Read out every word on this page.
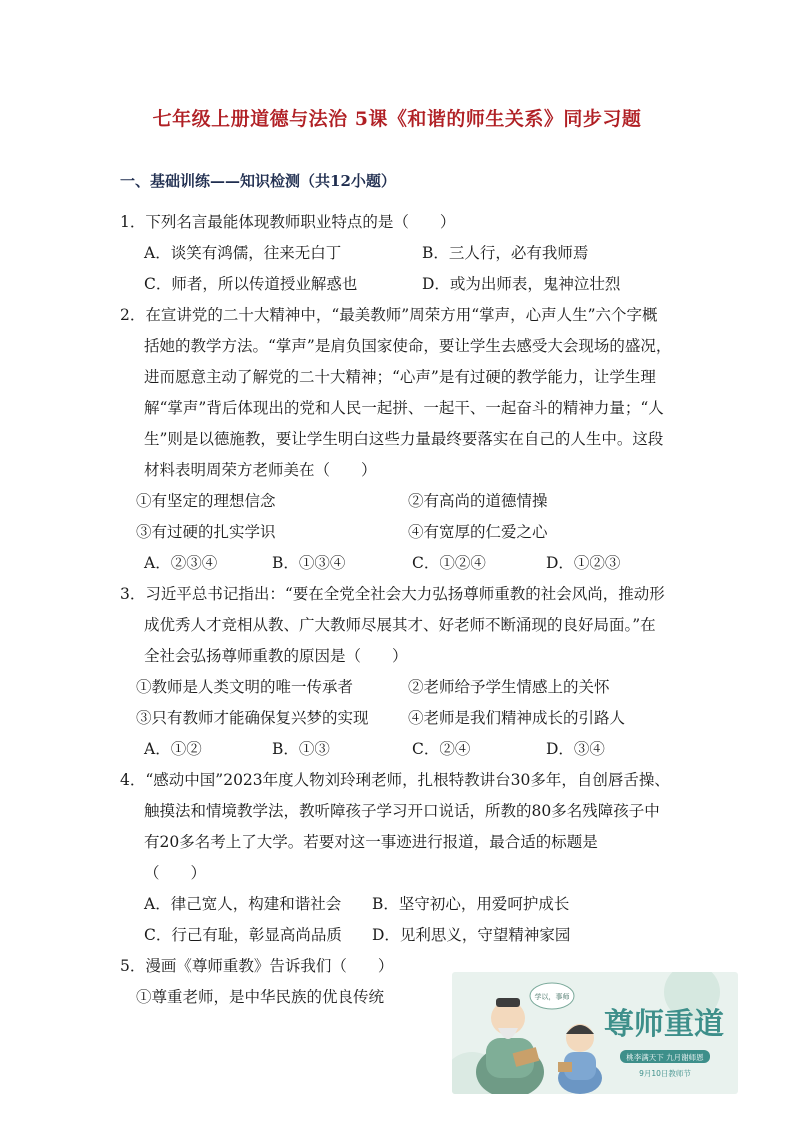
七年级上册道德与法治 5课《和谐的师生关系》同步习题
一、基础训练——知识检测（共12小题）
1．下列名言最能体现教师职业特点的是（　　）
A．谈笑有鸿儒，往来无白丁	B．三人行，必有我师焉
C．师者，所以传道授业解惑也	D．或为出师表，鬼神泣壮烈
2．在宣讲党的二十大精神中，“最美教师”周荣方用“掌声，心声人生”六个字概
括她的教学方法。“掌声”是肩负国家使命，要让学生去感受大会现场的盛况，
进而愿意主动了解党的二十大精神；“心声”是有过硬的教学能力，让学生理
解“掌声”背后体现出的党和人民一起拼、一起干、一起奋斗的精神力量；“人
生”则是以德施教，要让学生明白这些力量最终要落实在自己的人生中。这段
材料表明周荣方老师美在（　　）
①有坚定的理想信念	②有高尚的道德情操
③有过硬的扎实学识	④有宽厚的仁爱之心
A．②③④	B．①③④	C．①②④	D．①②③
3．习近平总书记指出：“要在全党全社会大力弘扬尊师重教的社会风尚，推动形
成优秀人才竞相从教、广大教师尽展其才、好老师不断涌现的良好局面。”在
全社会弘扬尊师重教的原因是（　　）
①教师是人类文明的唯一传承者	②老师给予学生情感上的关怀
③只有教师才能确保复兴梦的实现	④老师是我们精神成长的引路人
A．①②	B．①③	C．②④	D．③④
4．“感动中国”2023年度人物刘玲琍老师，扎根特教讲台30多年，自创唇舌操、
触摸法和情境教学法，教听障孩子学习开口说话，所教的80多名残障孩子中
有20多名考上了大学。若要对这一事迹进行报道，最合适的标题是
（　　）
A．律己宽人，构建和谐社会 B．坚守初心，用爱呵护成长
C．行己有耻，彰显高尚品质 D．见利思义，守望精神家园
5．漫画《尊师重教》告诉我们（　　）
①尊重老师，是中华民族的优良传统	学以，事师
尊师重道
桃李满天下 九月谢师恩
9月10日教师节
